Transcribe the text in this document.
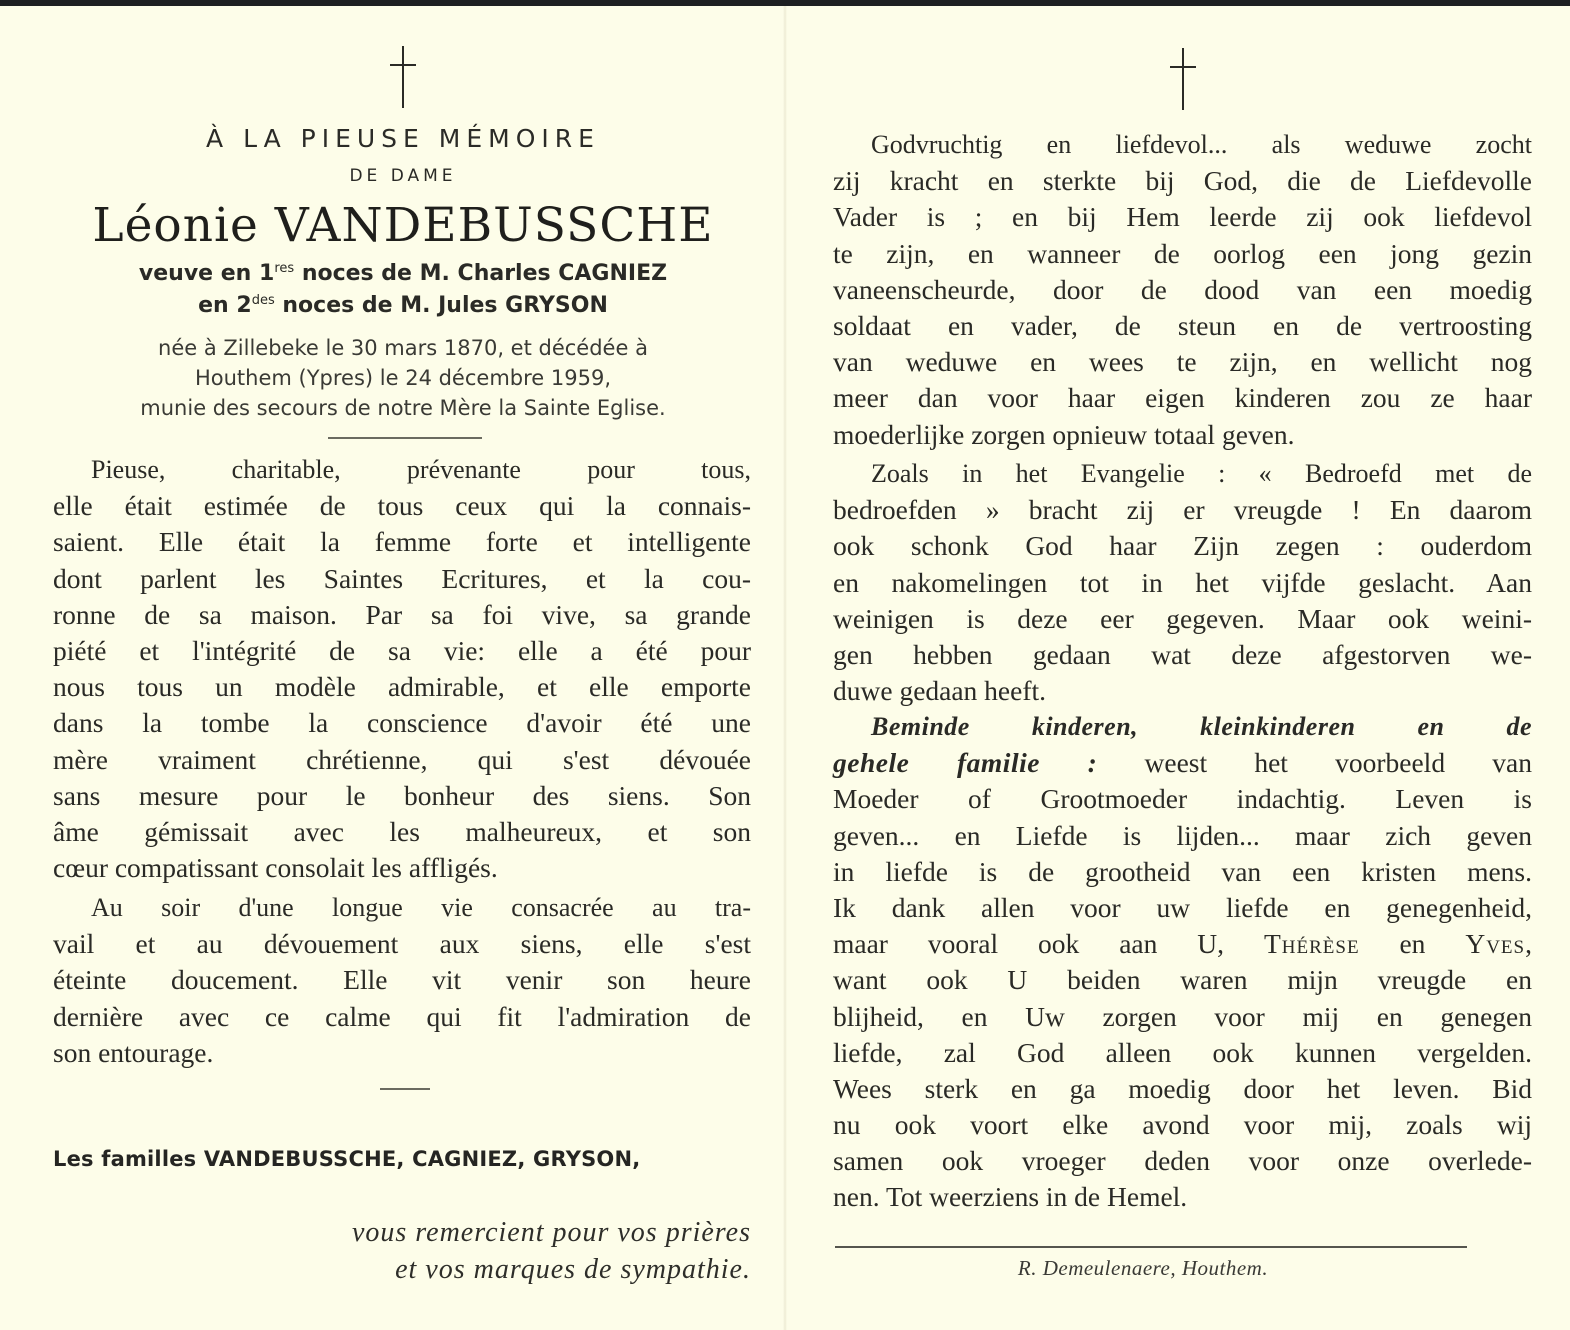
À LA PIEUSE MÉMOIRE
DE DAME
Léonie VANDEBUSSCHE
veuve en 1res noces de M. Charles CAGNIEZ
en $2^{des}$ noces de M. Jules GRYSON
née à Zillebeke le 30 mars 1870, et décédée à
Houthem (Ypres) le 24 décembre 1959,
munie des secours de notre Mère la Sainte Eglise.
Pieuse, charitable, prévenante pour tous,
elle était estimée de tous ceux qui la connais-
saient. Elle était la femme forte et intelligente
dont parlent les Saintes Ecritures, et la cou-
ronne de sa maison. Par sa foi vive, sa grande
piété et l'intégrité de sa vie: elle a été pour
nous tous un modèle admirable, et elle emporte
dans la tombe la conscience d'avoir été une
mère vraiment chrétienne, qui s'est dévouée
sans mesure pour le bonheur des siens. Son
âme gémissait avec les malheureux, et son
cœur compatissant consolait les affligés.
Au soir d'une longue vie consacrée au tra-
vail et au dévouement aux siens, elle s'est
éteinte doucement. Elle vit venir son heure
dernière avec ce calme qui fit l'admiration de
son entourage.
Les familles VANDEBUSSCHE, CAGNIEZ, GRYSON,
vous remercient pour vos prières
et vos marques de sympathie.
Godvruchtig en liefdevol... als weduwe zocht
zij kracht en sterkte bij God, die de Liefdevolle
Vader is ; en bij Hem leerde zij ook liefdevol
te zijn, en wanneer de oorlog een jong gezin
vaneenscheurde, door de dood van een moedig
soldaat en vader, de steun en de vertroosting
van weduwe en wees te zijn, en wellicht nog
meer dan voor haar eigen kinderen zou ze haar
moederlijke zorgen opnieuw totaal geven.
Zoals in het Evangelie : « Bedroefd met de
bedroefden » bracht zij er vreugde ! En daarom
ook schonk God haar Zijn zegen : ouderdom
en nakomelingen tot in het vijfde geslacht. Aan
weinigen is deze eer gegeven. Maar ook weini-
gen hebben gedaan wat deze afgestorven we-
duwe gedaan heeft.
Beminde kinderen, kleinkinderen en de
gehele familie : weest het voorbeeld van
Moeder of Grootmoeder indachtig. Leven is
geven... en Liefde is lijden... maar zich geven
in liefde is de grootheid van een kristen mens.
Ik dank allen voor uw liefde en genegenheid,
maar vooral ook aan U, Thérèse en Yves,
want ook U beiden waren mijn vreugde en
blijheid, en Uw zorgen voor mij en genegen
liefde, zal God alleen ook kunnen vergelden.
Wees sterk en ga moedig door het leven. Bid
nu ook voort elke avond voor mij, zoals wij
samen ook vroeger deden voor onze overlede-
nen. Tot weerziens in de Hemel.
R. Demeulenaere, Houthem.
